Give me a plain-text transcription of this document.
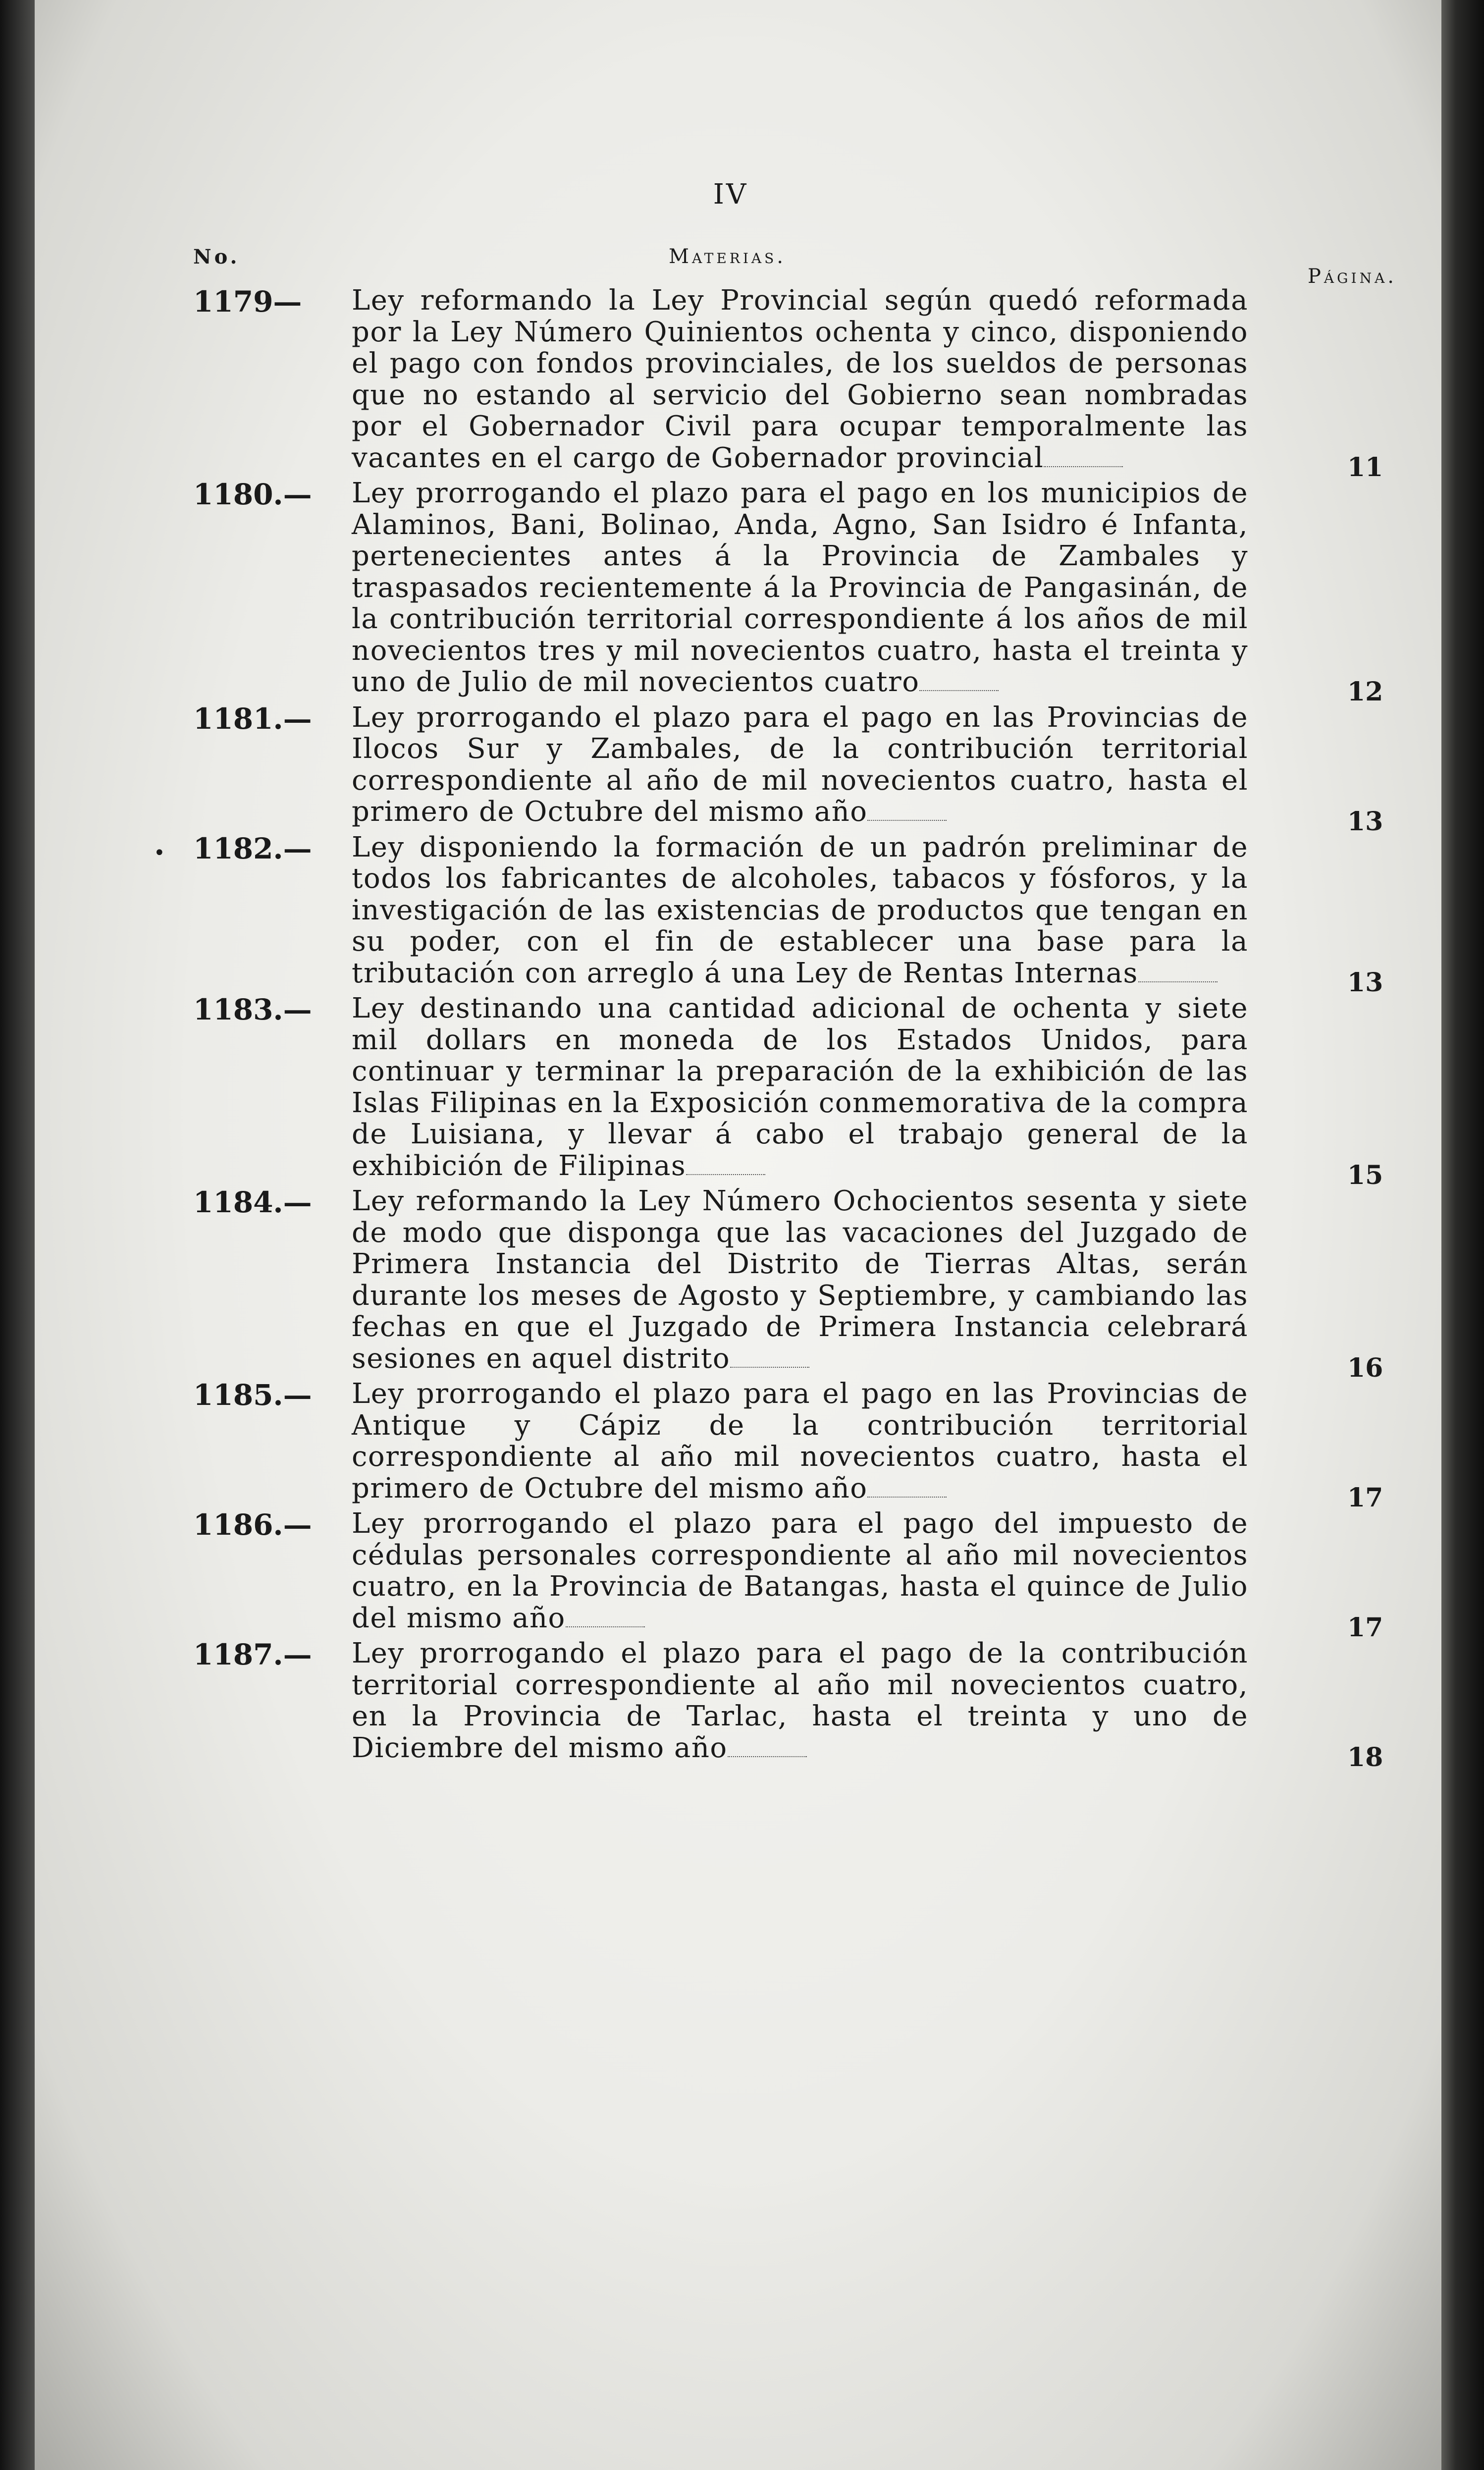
IV
No.	Materias.
Página.
1179— Ley reformando la Ley Provincial según quedó reformada por la Ley Número Quinientos ochenta y cinco, disponiendo el pago con fondos provinciales, de los sueldos de personas que no estando al servicio del Gobierno sean nombradas por el Gobernador Civil para ocupar temporalmente las vacantes en el cargo de Gobernador provincial	11
1180.— Ley prorrogando el plazo para el pago en los municipios de Alaminos, Bani, Bolinao, Anda, Agno, San Isidro é Infanta, pertenecientes antes á la Provincia de Zambales y traspasados recientemente á la Provincia de Pangasinán, de la contribución territorial correspondiente á los años de mil novecientos tres y mil novecientos cuatro, hasta el treinta y uno de Julio de mil novecientos cuatro	12
1181.— Ley prorrogando el plazo para el pago en las Provincias de Ilocos Sur y Zambales, de la contribución territorial correspondiente al año de mil novecientos cuatro, hasta el primero de Octubre del mismo año	13
• 1182.— Ley disponiendo la formación de un padrón preliminar de todos los fabricantes de alcoholes, tabacos y fósforos, y la investigación de las existencias de productos que tengan en su poder, con el fin de establecer una base para la tributación con arreglo á una Ley de Rentas Internas	13
1183.— Ley destinando una cantidad adicional de ochenta y siete mil dollars en moneda de los Estados Unidos, para continuar y terminar la preparación de la exhibición de las Islas Filipinas en la Exposición conmemorativa de la compra de Luisiana, y llevar á cabo el trabajo general de la exhibición de Filipinas	15
1184.— Ley reformando la Ley Número Ochocientos sesenta y siete de modo que disponga que las vacaciones del Juzgado de Primera Instancia del Distrito de Tierras Altas, serán durante los meses de Agosto y Septiembre, y cambiando las fechas en que el Juzgado de Primera Instancia celebrará sesiones en aquel distrito	16
1185.— Ley prorrogando el plazo para el pago en las Provincias de Antique y Cápiz de la contribución territorial correspondiente al año mil novecientos cuatro, hasta el primero de Octubre del mismo año	17
1186.— Ley prorrogando el plazo para el pago del impuesto de cédulas personales correspondiente al año mil novecientos cuatro, en la Provincia de Batangas, hasta el quince de Julio del mismo año	17
1187.— Ley prorrogando el plazo para el pago de la contribución territorial correspondiente al año mil novecientos cuatro, en la Provincia de Tarlac, hasta el treinta y uno de Diciembre del mismo año	18
